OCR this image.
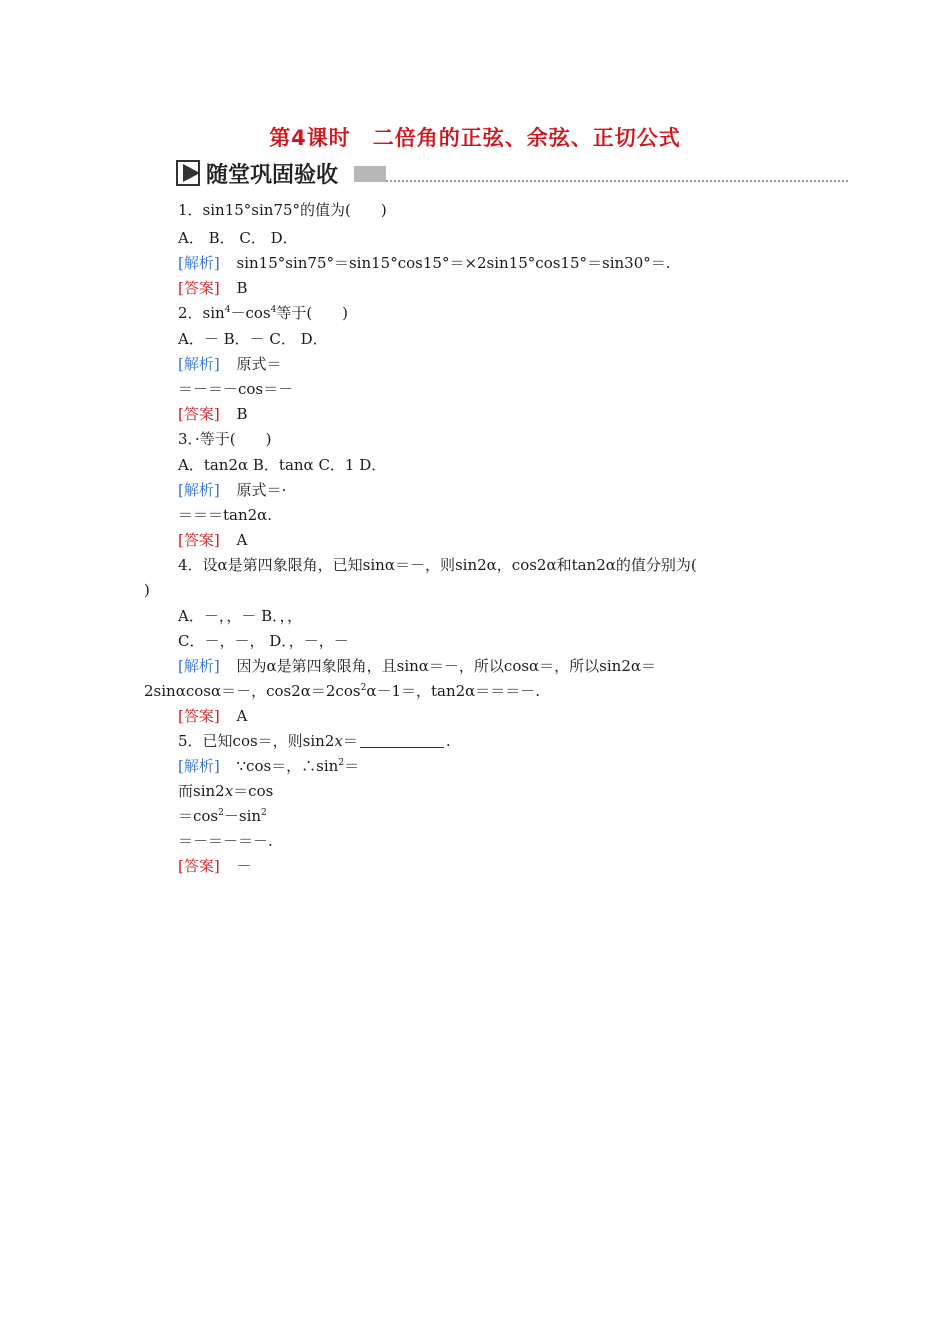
第4课时　二倍角的正弦、余弦、正切公式
随堂巩固验收
1．sin15°sin75°的值为(　　)
A． B． C． D．
[解析] sin15°sin75°＝sin15°cos15°＝×2sin15°cos15°＝sin30°＝.
[答案] B
2．$\sin^4-\cos^4$等于(　　)
A．－ B．－ C． D．
[解析] 原式＝
＝－＝－cos＝－
[答案] B
3．·等于(　　)
A．tan2α B．tanα C．1 D．
[解析] 原式＝·
＝＝＝tan2α.
[答案] A
4．设α是第四象限角，已知sinα＝－，则sin2α，cos2α和tan2α的值分别为(
)
A．－，，－ B．，，
C．－，－， D．，－，－
[解析] 因为α是第四象限角，且sinα＝－，所以cosα＝，所以sin2α＝
2sinαcosα＝－，$\cos 2\alpha=2\cos^2\alpha-1=$，tan2α＝＝＝－.
[答案] A
5．已知cos＝，则sin2x＝	.
[解析] ∵cos＝，$\therefore\sin^2=$
而sin2x＝cos
$=\cos^2-\sin^2$
＝－＝－＝－.
[答案] －
